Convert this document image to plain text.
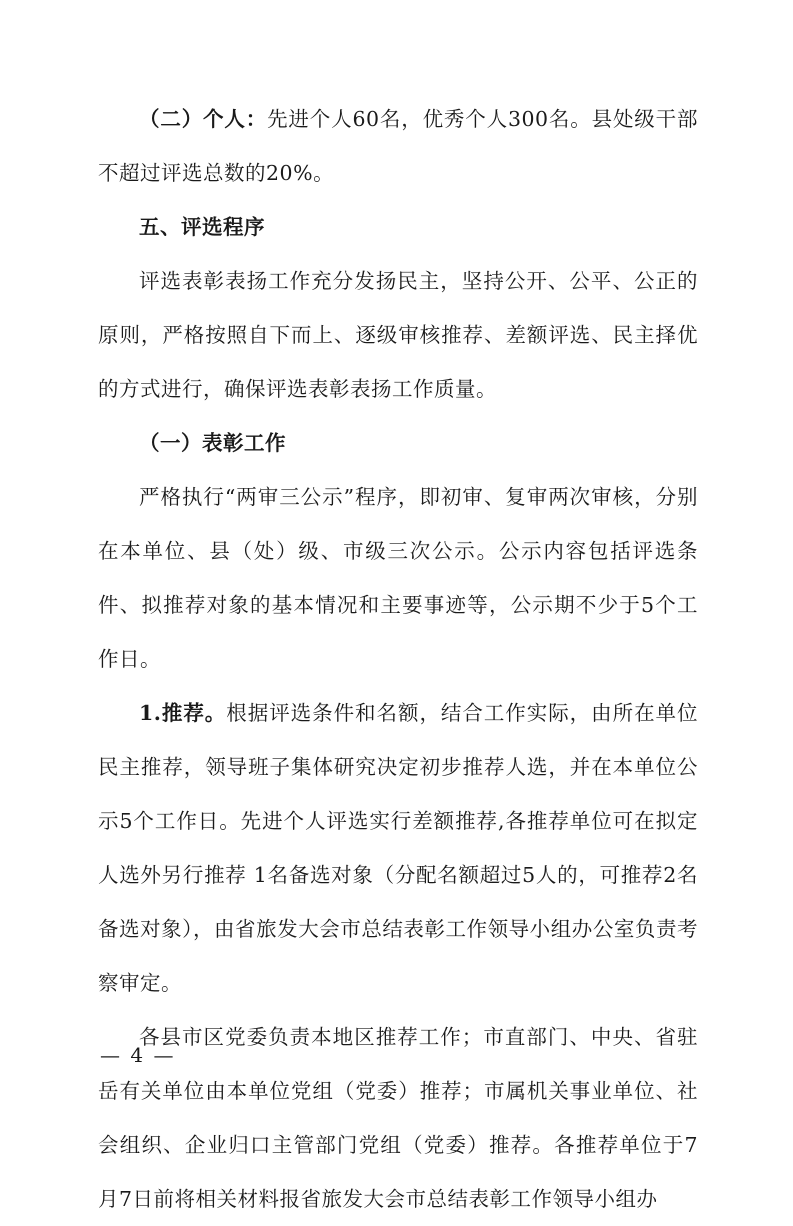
（二）个人：先进个人60名，优秀个人300名。县处级干部不超过评选总数的20%。

五、评选程序

评选表彰表扬工作充分发扬民主，坚持公开、公平、公正的原则，严格按照自下而上、逐级审核推荐、差额评选、民主择优的方式进行，确保评选表彰表扬工作质量。

（一）表彰工作

严格执行“两审三公示”程序，即初审、复审两次审核，分别在本单位、县（处）级、市级三次公示。公示内容包括评选条件、拟推荐对象的基本情况和主要事迹等，公示期不少于5个工作日。

1.推荐。根据评选条件和名额，结合工作实际，由所在单位民主推荐，领导班子集体研究决定初步推荐人选，并在本单位公示5个工作日。先进个人评选实行差额推荐,各推荐单位可在拟定人选外另行推荐 1名备选对象（分配名额超过5人的，可推荐2名备选对象），由省旅发大会市总结表彰工作领导小组办公室负责考察审定。

各县市区党委负责本地区推荐工作；市直部门、中央、省驻岳有关单位由本单位党组（党委）推荐；市属机关事业单位、社会组织、企业归口主管部门党组（党委）推荐。各推荐单位于7月7日前将相关材料报省旅发大会市总结表彰工作领导小组办

— 4 —
